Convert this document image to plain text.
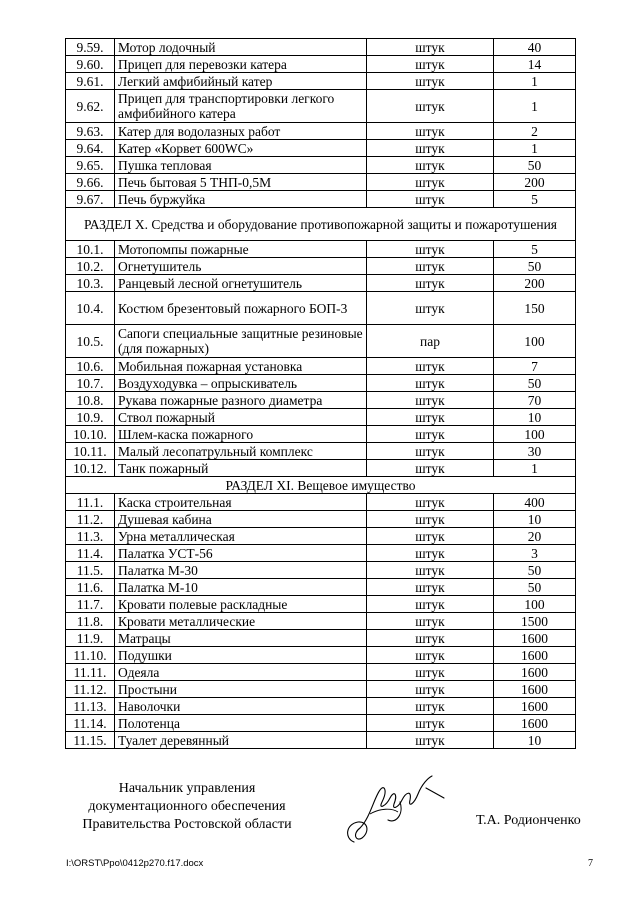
9.59.	Мотор лодочный	штук	40
9.60.	Прицеп для перевозки катера	штук	14
9.61.	Легкий амфибийный катер	штук	1
9.62.	Прицеп для транспортировки легкого амфибийного катера	штук	1
9.63.	Катер для водолазных работ	штук	2
9.64.	Катер «Корвет 600WC»	штук	1
9.65.	Пушка тепловая	штук	50
9.66.	Печь бытовая 5 ТНП-0,5М	штук	200
9.67.	Печь буржуйка	штук	5
РАЗДЕЛ X. Средства и оборудование противопожарной защиты и пожаротушения			
10.1.	Мотопомпы пожарные	штук	5
10.2.	Огнетушитель	штук	50
10.3.	Ранцевый лесной огнетушитель	штук	200
10.4.	Костюм брезентовый пожарного БОП-3	штук	150
10.5.	Сапоги специальные защитные резиновые (для пожарных)	пар	100
10.6.	Мобильная пожарная установка	штук	7
10.7.	Воздуходувка – опрыскиватель	штук	50
10.8.	Рукава пожарные разного диаметра	штук	70
10.9.	Ствол пожарный	штук	10
10.10.	Шлем-каска пожарного	штук	100
10.11.	Малый лесопатрульный комплекс	штук	30
10.12.	Танк пожарный	штук	1
РАЗДЕЛ XI. Вещевое имущество			
11.1.	Каска строительная	штук	400
11.2.	Душевая кабина	штук	10
11.3.	Урна металлическая	штук	20
11.4.	Палатка УСТ-56	штук	3
11.5.	Палатка М-30	штук	50
11.6.	Палатка М-10	штук	50
11.7.	Кровати полевые раскладные	штук	100
11.8.	Кровати металлические	штук	1500
11.9.	Матрацы	штук	1600
11.10.	Подушки	штук	1600
11.11.	Одеяла	штук	1600
11.12.	Простыни	штук	1600
11.13.	Наволочки	штук	1600
11.14.	Полотенца	штук	1600
11.15.	Туалет деревянный	штук	10
Начальник управления
документационного обеспечения
Правительства Ростовской области	Т.А. Родионченко
I:\ORST\Ppo\0412p270.f17.docx	7
